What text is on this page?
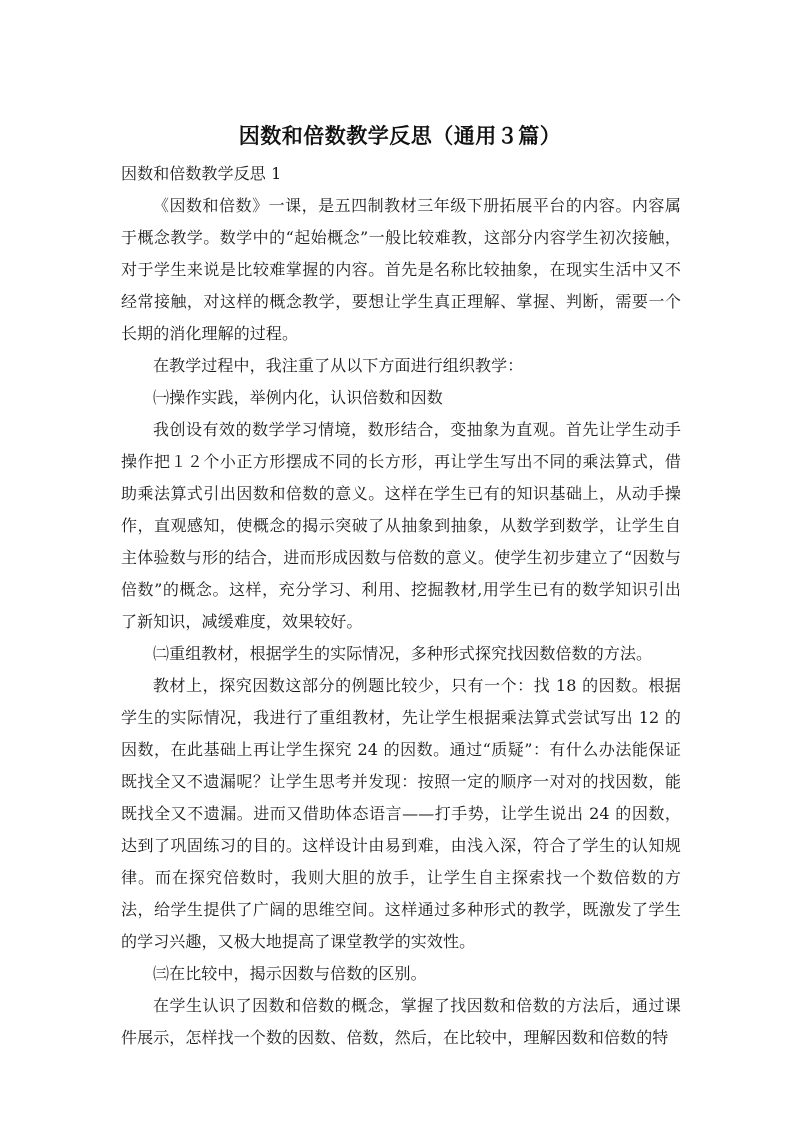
因数和倍数教学反思（通用３篇）

因数和倍数教学反思 1

《因数和倍数》一课，是五四制教材三年级下册拓展平台的内容。内容属于概念教学。数学中的“起始概念”一般比较难教，这部分内容学生初次接触，对于学生来说是比较难掌握的内容。首先是名称比较抽象，在现实生活中又不经常接触，对这样的概念教学，要想让学生真正理解、掌握、判断，需要一个长期的消化理解的过程。

在教学过程中，我注重了从以下方面进行组织教学：

㈠操作实践，举例内化，认识倍数和因数

我创设有效的数学学习情境，数形结合，变抽象为直观。首先让学生动手操作把１２个小正方形摆成不同的长方形，再让学生写出不同的乘法算式，借助乘法算式引出因数和倍数的意义。这样在学生已有的知识基础上，从动手操作，直观感知，使概念的揭示突破了从抽象到抽象，从数学到数学，让学生自主体验数与形的结合，进而形成因数与倍数的意义。使学生初步建立了“因数与倍数”的概念。这样，充分学习、利用、挖掘教材,用学生已有的数学知识引出了新知识，减缓难度，效果较好。

㈡重组教材，根据学生的实际情况，多种形式探究找因数倍数的方法。

教材上，探究因数这部分的例题比较少，只有一个：找 18 的因数。根据学生的实际情况，我进行了重组教材，先让学生根据乘法算式尝试写出 12 的因数，在此基础上再让学生探究 24 的因数。通过“质疑”：有什么办法能保证既找全又不遗漏呢？让学生思考并发现：按照一定的顺序一对对的找因数，能既找全又不遗漏。进而又借助体态语言——打手势，让学生说出 24 的因数，达到了巩固练习的目的。这样设计由易到难，由浅入深，符合了学生的认知规律。而在探究倍数时，我则大胆的放手，让学生自主探索找一个数倍数的方法，给学生提供了广阔的思维空间。这样通过多种形式的教学，既激发了学生的学习兴趣，又极大地提高了课堂教学的实效性。

㈢在比较中，揭示因数与倍数的区别。

在学生认识了因数和倍数的概念，掌握了找因数和倍数的方法后，通过课件展示，怎样找一个数的因数、倍数，然后，在比较中，理解因数和倍数的特
